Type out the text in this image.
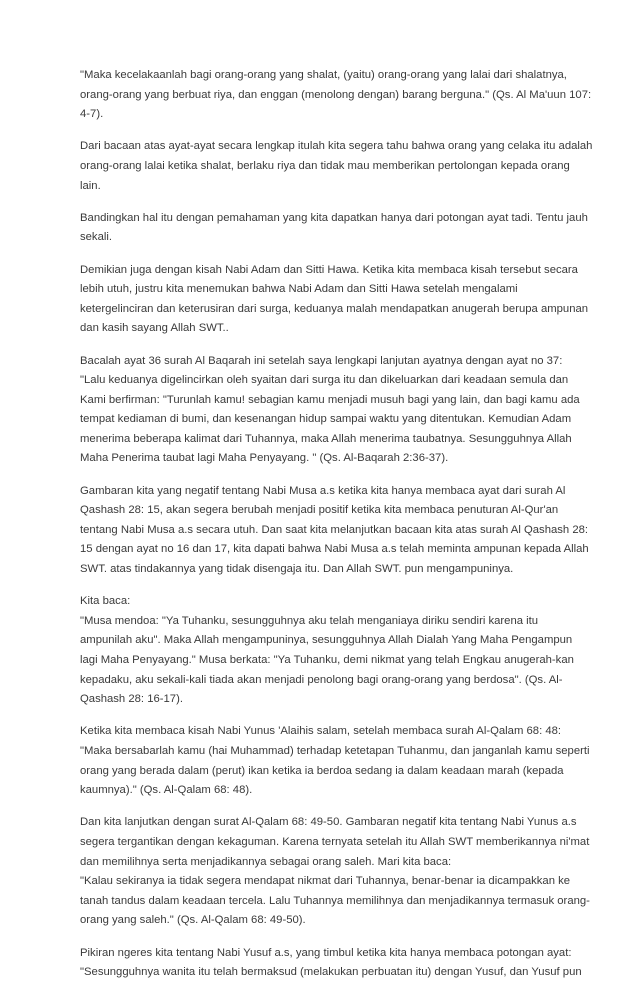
"Maka kecelakaanlah bagi orang-orang yang shalat, (yaitu) orang-orang yang lalai dari shalatnya,
orang-orang yang berbuat riya, dan enggan (menolong dengan) barang berguna." (Qs. Al Ma'uun 107:
4-7).

Dari bacaan atas ayat-ayat secara lengkap itulah kita segera tahu bahwa orang yang celaka itu adalah
orang-orang lalai ketika shalat, berlaku riya dan tidak mau memberikan pertolongan kepada orang
lain.

Bandingkan hal itu dengan pemahaman yang kita dapatkan hanya dari potongan ayat tadi. Tentu jauh
sekali.

Demikian juga dengan kisah Nabi Adam dan Sitti Hawa. Ketika kita membaca kisah tersebut secara
lebih utuh, justru kita menemukan bahwa Nabi Adam dan Sitti Hawa setelah mengalami
ketergelinciran dan keterusiran dari surga, keduanya malah mendapatkan anugerah berupa ampunan
dan kasih sayang Allah SWT..

Bacalah ayat 36 surah Al Baqarah ini setelah saya lengkapi lanjutan ayatnya dengan ayat no 37:
"Lalu keduanya digelincirkan oleh syaitan dari surga itu dan dikeluarkan dari keadaan semula dan
Kami berfirman: "Turunlah kamu! sebagian kamu menjadi musuh bagi yang lain, dan bagi kamu ada
tempat kediaman di bumi, dan kesenangan hidup sampai waktu yang ditentukan. Kemudian Adam
menerima beberapa kalimat dari Tuhannya, maka Allah menerima taubatnya. Sesungguhnya Allah
Maha Penerima taubat lagi Maha Penyayang. " (Qs. Al-Baqarah 2:36-37).

Gambaran kita yang negatif tentang Nabi Musa a.s ketika kita hanya membaca ayat dari surah Al
Qashash 28: 15, akan segera berubah menjadi positif ketika kita membaca penuturan Al-Qur'an
tentang Nabi Musa a.s secara utuh. Dan saat kita melanjutkan bacaan kita atas surah Al Qashash 28:
15 dengan ayat no 16 dan 17, kita dapati bahwa Nabi Musa a.s telah meminta ampunan kepada Allah
SWT. atas tindakannya yang tidak disengaja itu. Dan Allah SWT. pun mengampuninya.

Kita baca:
"Musa mendoa: "Ya Tuhanku, sesungguhnya aku telah menganiaya diriku sendiri karena itu
ampunilah aku". Maka Allah mengampuninya, sesungguhnya Allah Dialah Yang Maha Pengampun
lagi Maha Penyayang." Musa berkata: "Ya Tuhanku, demi nikmat yang telah Engkau anugerah-kan
kepadaku, aku sekali-kali tiada akan menjadi penolong bagi orang-orang yang berdosa". (Qs. Al-
Qashash 28: 16-17).

Ketika kita membaca kisah Nabi Yunus 'Alaihis salam, setelah membaca surah Al-Qalam 68: 48:
"Maka bersabarlah kamu (hai Muhammad) terhadap ketetapan Tuhanmu, dan janganlah kamu seperti
orang yang berada dalam (perut) ikan ketika ia berdoa sedang ia dalam keadaan marah (kepada
kaumnya)." (Qs. Al-Qalam 68: 48).

Dan kita lanjutkan dengan surat Al-Qalam 68: 49-50. Gambaran negatif kita tentang Nabi Yunus a.s
segera tergantikan dengan kekaguman. Karena ternyata setelah itu Allah SWT memberikannya ni'mat
dan memilihnya serta menjadikannya sebagai orang saleh. Mari kita baca:
"Kalau sekiranya ia tidak segera mendapat nikmat dari Tuhannya, benar-benar ia dicampakkan ke
tanah tandus dalam keadaan tercela. Lalu Tuhannya memilihnya dan menjadikannya termasuk orang-
orang yang saleh." (Qs. Al-Qalam 68: 49-50).

Pikiran ngeres kita tentang Nabi Yusuf a.s, yang timbul ketika kita hanya membaca potongan ayat:
"Sesungguhnya wanita itu telah bermaksud (melakukan perbuatan itu) dengan Yusuf, dan Yusuf pun
